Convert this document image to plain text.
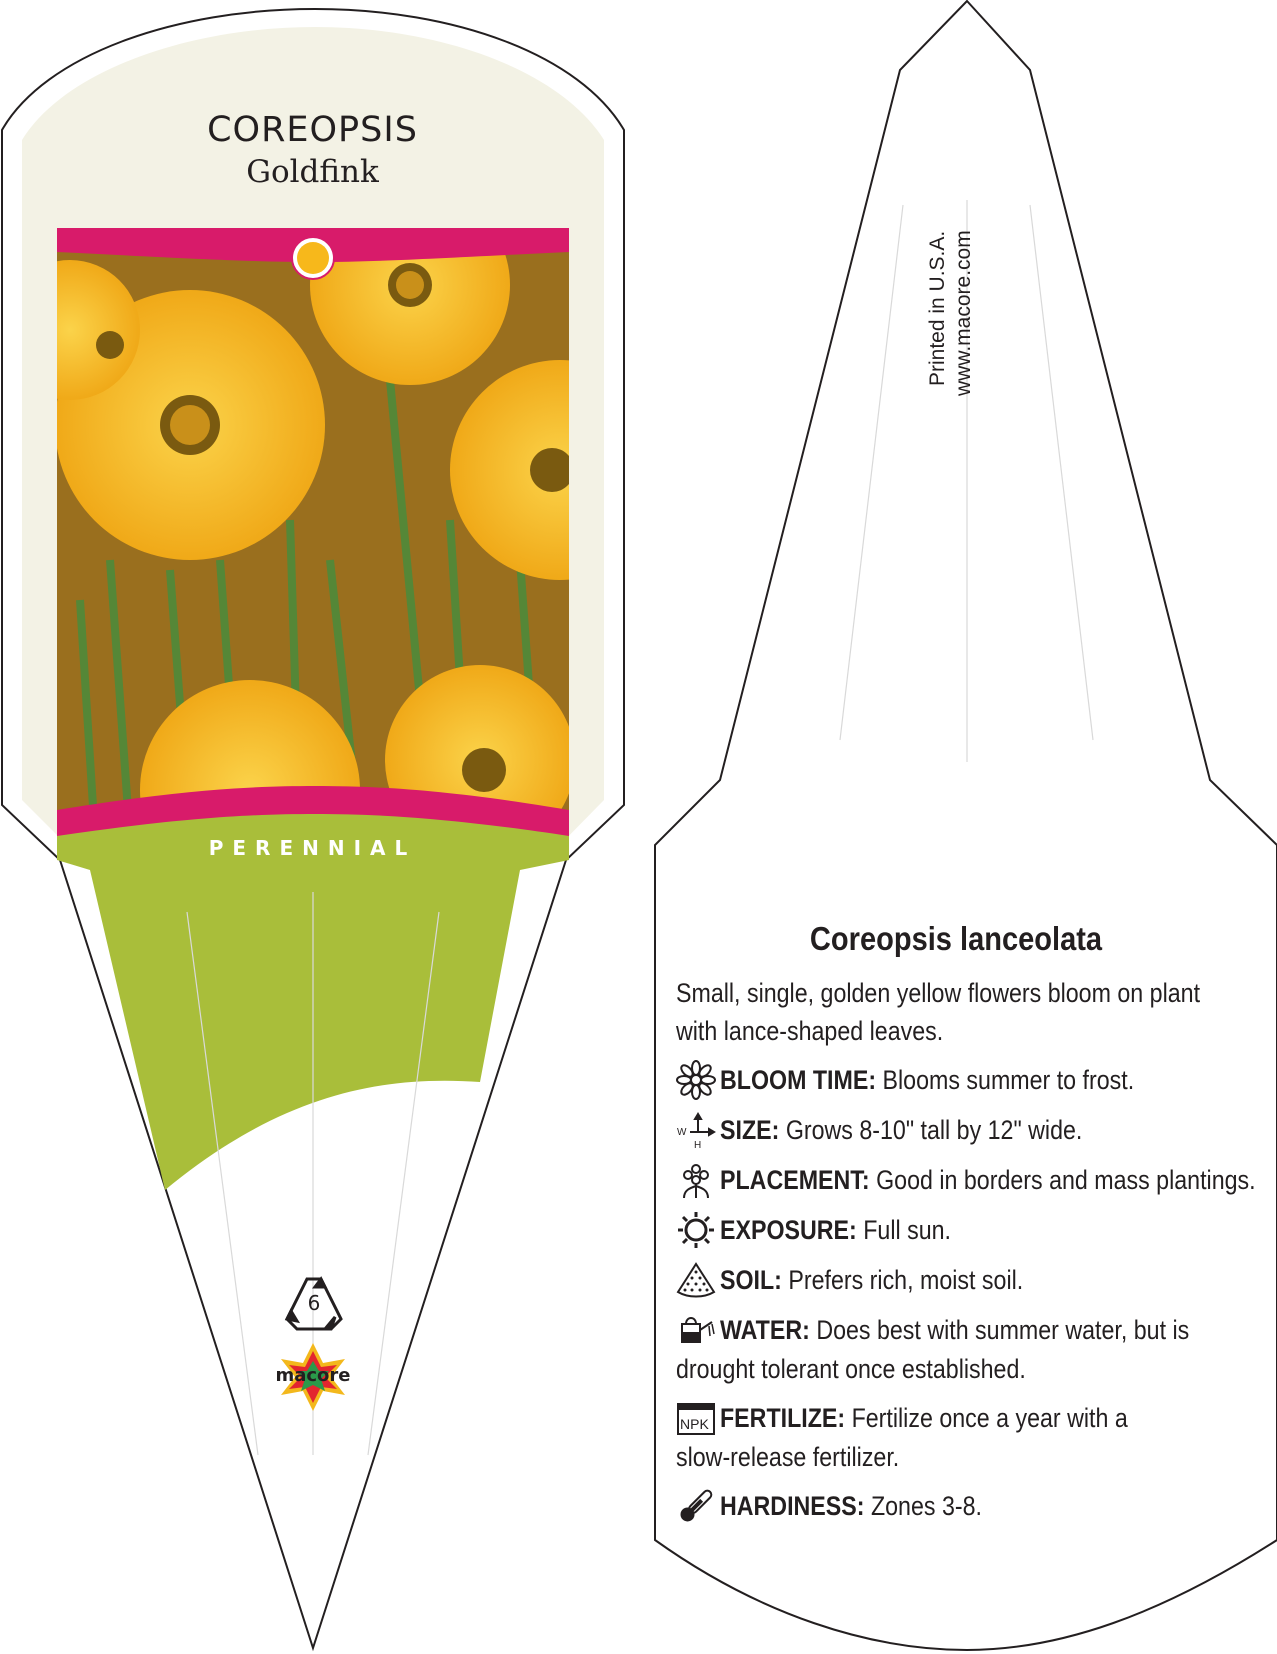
COREOPSIS
Goldfink
PERENNIAL
6
macore
Printed in U.S.A. www.macore.com
Coreopsis lanceolata
Small, single, golden yellow flowers bloom on plant
with lance-shaped leaves.
BLOOM TIME: Blooms summer to frost.
W
H
SIZE: Grows 8-10" tall by 12" wide.
PLACEMENT: Good in borders and mass plantings.
EXPOSURE: Full sun.
SOIL: Prefers rich, moist soil.
WATER: Does best with summer water, but is
drought tolerant once established.
NPK FERTILIZE: Fertilize once a year with a
slow-release fertilizer.
HARDINESS: Zones 3-8.
